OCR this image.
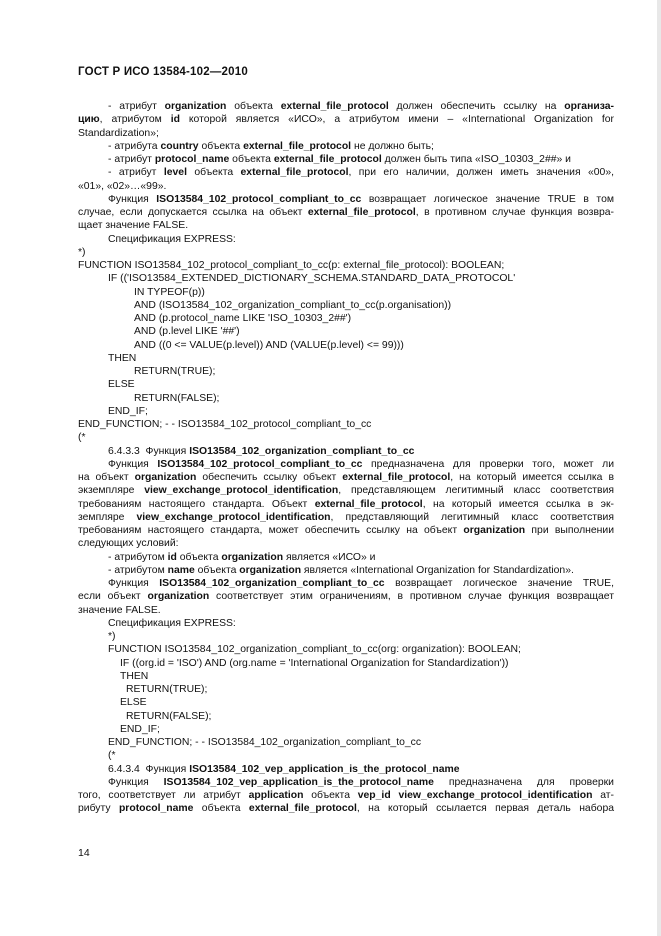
ГОСТ Р ИСО 13584-102—2010
- атрибут organization объекта external_file_protocol должен обеспечить ссылку на организа-
цию, атрибутом id которой является «ИСО», а атрибутом имени – «International Organization for
Standardization»;
- атрибута country объекта external_file_protocol не должно быть;
- атрибут protocol_name объекта external_file_protocol должен быть типа «ISO_10303_2##» и
- атрибут level объекта external_file_protocol, при его наличии, должен иметь значения «00»,
«01», «02»…«99».
Функция ISO13584_102_protocol_compliant_to_cc возвращает логическое значение TRUE в том
случае, если допускается ссылка на объект external_file_protocol, в противном случае функция возвра-
щает значение FALSE.
Спецификация EXPRESS:
*)
FUNCTION ISO13584_102_protocol_compliant_to_cc(p: external_file_protocol): BOOLEAN;
IF (('ISO13584_EXTENDED_DICTIONARY_SCHEMA.STANDARD_DATA_PROTOCOL'
IN TYPEOF(p))
AND (ISO13584_102_organization_compliant_to_cc(p.organisation))
AND (p.protocol_name LIKE 'ISO_10303_2##')
AND (p.level LIKE '##')
AND ((0 <= VALUE(p.level)) AND (VALUE(p.level) <= 99)))
THEN
RETURN(TRUE);
ELSE
RETURN(FALSE);
END_IF;
END_FUNCTION; - - ISO13584_102_protocol_compliant_to_cc
(*
6.4.3.3  Функция ISO13584_102_organization_compliant_to_cc
Функция ISO13584_102_protocol_compliant_to_cc предназначена для проверки того, может ли
на объект organization обеспечить ссылку объект external_file_protocol, на который имеется ссылка в
экземпляре view_exchange_protocol_identification, представляющем легитимный класс соответствия
требованиям настоящего стандарта. Объект external_file_protocol, на который имеется ссылка в эк-
земпляре view_exchange_protocol_identification, представляющий легитимный класс соответствия
требованиям настоящего стандарта, может обеспечить ссылку на объект organization при выполнении
следующих условий:
- атрибутом id объекта organization является «ИСО» и
- атрибутом name объекта organization является «International Organization for Standardization».
Функция ISO13584_102_organization_compliant_to_cc возвращает логическое значение TRUE,
если объект organization соответствует этим ограничениям, в противном случае функция возвращает
значение FALSE.
Спецификация EXPRESS:
*)
FUNCTION ISO13584_102_organization_compliant_to_cc(org: organization): BOOLEAN;
IF ((org.id = 'ISO') AND (org.name = 'International Organization for Standardization'))
THEN
RETURN(TRUE);
ELSE
RETURN(FALSE);
END_IF;
END_FUNCTION; - - ISO13584_102_organization_compliant_to_cc
(*
6.4.3.4  Функция ISO13584_102_vep_application_is_the_protocol_name
Функция ISO13584_102_vep_application_is_the_protocol_name предназначена для проверки
того, соответствует ли атрибут application объекта vep_id view_exchange_protocol_identification ат-
рибуту protocol_name объекта external_file_protocol, на который ссылается первая деталь набора
14
